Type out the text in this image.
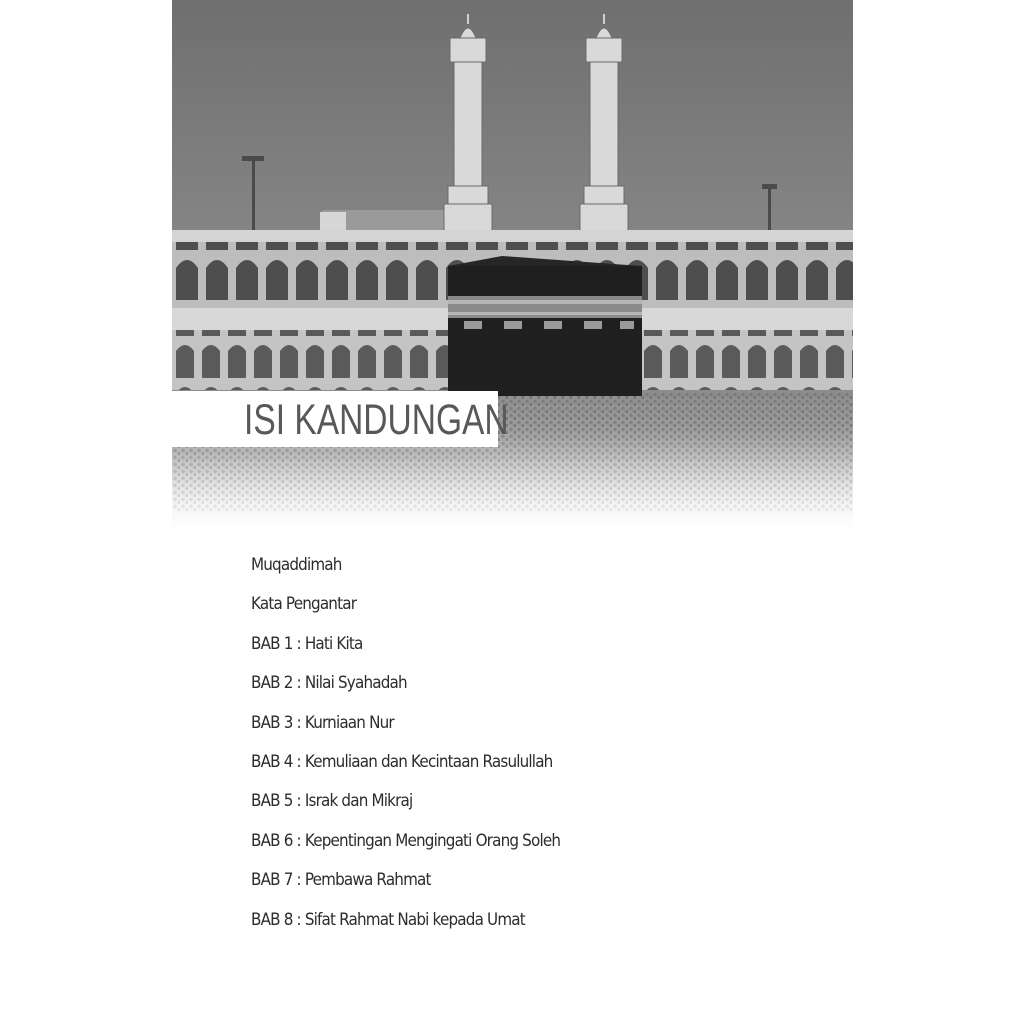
ISI KANDUNGAN
Muqaddimah
Kata Pengantar
BAB 1 : Hati Kita
BAB 2 : Nilai Syahadah
BAB 3 : Kurniaan Nur
BAB 4 : Kemuliaan dan Kecintaan Rasulullah
BAB 5 : Israk dan Mikraj
BAB 6 : Kepentingan Mengingati Orang Soleh
BAB 7 : Pembawa Rahmat
BAB 8 : Sifat Rahmat Nabi kepada Umat
